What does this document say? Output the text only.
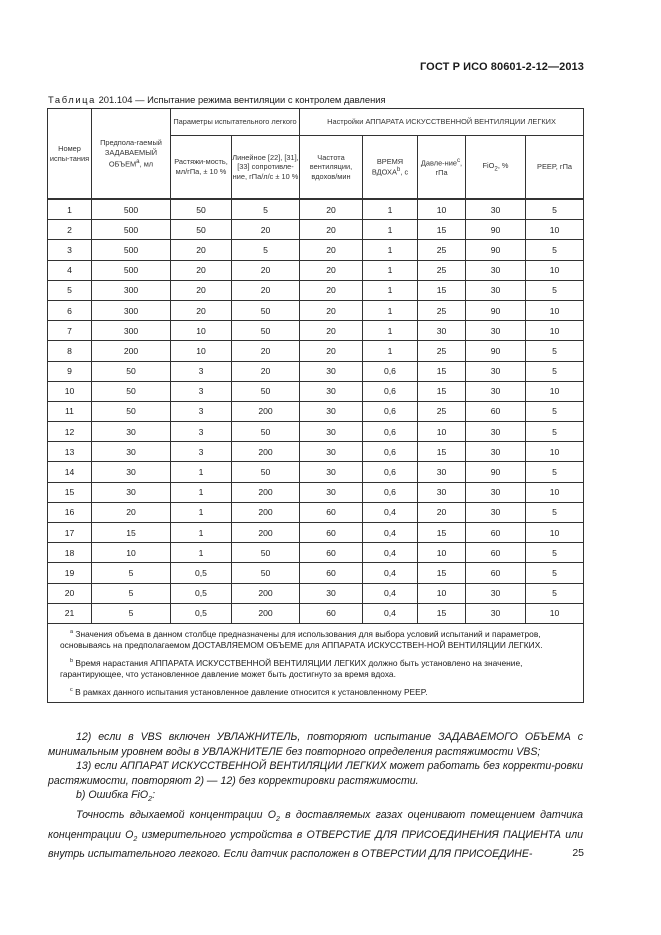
ГОСТ Р ИСО 80601-2-12—2013
Таблица 201.104 — Испытание режима вентиляции с контролем давления
Номер испы-тания	Предпола-гаемый ЗАДАВАЕМЫЙ $ОБЪЕМ^а$, мл	Параметры испытательного легкого		Настройки АППАРАТА ИСКУССТВЕННОЙ ВЕНТИЛЯЦИИ ЛЕГКИХ				
		Растяжи-мость, мл/гПа, ± 10 %	Линейное [22], [31], [33] сопротивле-ние, гПа/л/с ± 10 %	Частота вентиляции, вдохов/мин	ВРЕМЯ ВДОХА$^b$, с	Давле-ние$^с$, гПа	FiO$_2$, %	PEEP, гПа
1	500	50	5	20	1	10	30	5
2	500	50	20	20	1	15	90	10
3	500	20	5	20	1	25	90	5
4	500	20	20	20	1	25	30	10
5	300	20	20	20	1	15	30	5
6	300	20	50	20	1	25	90	10
7	300	10	50	20	1	30	30	10
8	200	10	20	20	1	25	90	5
9	50	3	20	30	0,6	15	30	5
10	50	3	50	30	0,6	15	30	10
11	50	3	200	30	0,6	25	60	5
12	30	3	50	30	0,6	10	30	5
13	30	3	200	30	0,6	15	30	10
14	30	1	50	30	0,6	30	90	5
15	30	1	200	30	0,6	30	30	10
16	20	1	200	60	0,4	20	30	5
17	15	1	200	60	0,4	15	60	10
18	10	1	50	60	0,4	10	60	5
19	5	0,5	50	60	0,4	15	60	5
20	5	0,5	200	30	0,4	10	30	5
21	5	0,5	200	60	0,4	15	30	10

$^а$ Значения объема в данном столбце предназначены для использования для выбора условий испытаний и параметров, основываясь на предполагаемом ДОСТАВЛЯЕМОМ ОБЪЕМЕ для АППАРАТА ИСКУССТВЕН-НОЙ ВЕНТИЛЯЦИИ ЛЕГКИХ.

$^b$ Время нарастания АППАРАТА ИСКУССТВЕННОЙ ВЕНТИЛЯЦИИ ЛЕГКИХ должно быть установлено на значение, гарантирующее, что установленное давление может быть достигнуто за время вдоха.

$^с$ В рамках данного испытания установленное давление относится к установленному PEEP.								

12) если в VBS включен УВЛАЖНИТЕЛЬ, повторяют испытание ЗАДАВАЕМОГО ОБЪЕМА с минимальным уровнем воды в УВЛАЖНИТЕЛЕ без повторного определения растяжимости VBS;

13) если АППАРАТ ИСКУССТВЕННОЙ ВЕНТИЛЯЦИИ ЛЕГКИХ может работать без корректи-ровки растяжимости, повторяют 2) — 12) без корректировки растяжимости.

b) Ошибка FiO$_2$:

Точность вдыхаемой концентрации $O_2$ в доставляемых газах оценивают помещением датчика концентрации $O_2$ измерительного устройства в ОТВЕРСТИЕ ДЛЯ ПРИСОЕДИНЕНИЯ ПАЦИЕНТА или внутрь испытательного легкого. Если датчик расположен в ОТВЕРСТИИ ДЛЯ ПРИСОЕДИНЕ-	25
